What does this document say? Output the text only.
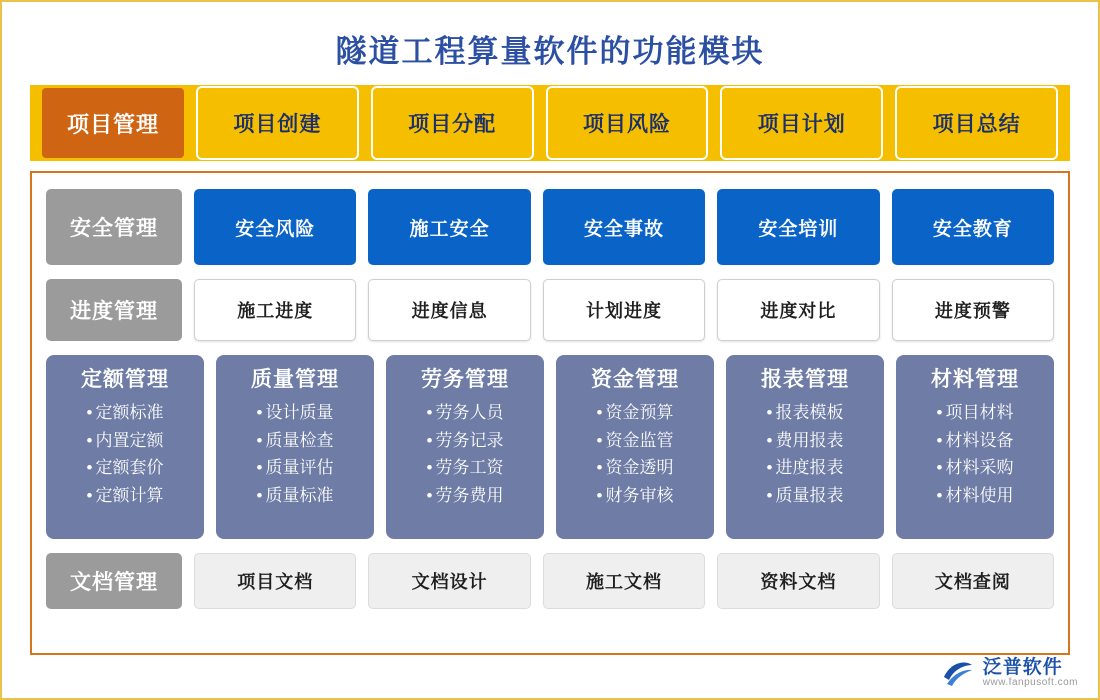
隧道工程算量软件的功能模块
项目管理	项目创建	项目分配	项目风险	项目计划	项目总结
安全管理	安全风险	施工安全	安全事故	安全培训	安全教育
进度管理	施工进度	进度信息	计划进度	进度对比	进度预警
定额管理
• 定额标准
• 内置定额
• 定额套价
• 定额计算
质量管理
• 设计质量
• 质量检查
• 质量评估
• 质量标准
劳务管理
• 劳务人员
• 劳务记录
• 劳务工资
• 劳务费用
资金管理
• 资金预算
• 资金监管
• 资金透明
• 财务审核
报表管理
• 报表模板
• 费用报表
• 进度报表
• 质量报表
材料管理
• 项目材料
• 材料设备
• 材料采购
• 材料使用
文档管理	项目文档	文档设计	施工文档	资料文档	文档查阅
泛普软件
www.fanpusoft.com
